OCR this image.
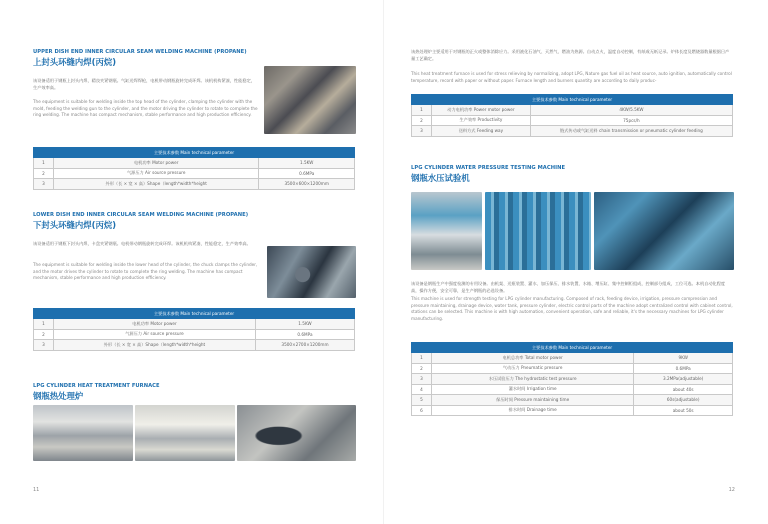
UPPER DISH END INNER CIRCULAR SEAM WELDING MACHINE (PROPANE)
上封头环缝内焊(丙烷)
该设备适用于钢瓶上封头内焊，精良夹紧钢瓶。气缸送焊焊枪，电机带动钢瓶旋转完成环焊。该机机构紧凑，性能稳定，生产效率高。
The equipment is suitable for welding inside the top head of the cylinder, clamping the cylinder with the mold, feeding the welding gun to the cylinder, and the motor driving the cylinder to rotate to complete the ring welding. The machine has compact mechanism, stable performance and high production efficiency.
主要技术参数 Main technical parameter		
1	电机功率 Motor power	1.5KW
2	气源压力 Air source pressure	0.6MPa
3	外形（长 × 宽 × 高）Shape（length*width*height	3500×600×1200mm
LOWER DISH END INNER CIRCULAR SEAM WELDING MACHINE (PROPANE)
下封头环缝内焊(丙烷)
该设备适用于钢瓶下封头内焊，卡盘夹紧钢瓶。电机带动钢瓶旋转完成环焊。该机机构紧凑，性能稳定，生产效率高。
The equipment is suitable for welding inside the lower head of the cylinder, the chuck clamps the cylinder, and the motor drives the cylinder to rotate to complete the ring welding. The machine has compact mechanism, stable performance and high production efficiency.
主要技术参数 Main technical parameter		
1	电机功率 Motor power	1.5KW
2	气源压力 Air source pressure	0.6MPa
3	外形（长 × 宽 × 高）Shape（length*width*height	3500×2700×1200mm
LPG CYLINDER HEAT TREATMENT FURNACE
钢瓶热处理炉
11
该热处理炉主要适用于对钢瓶的正火或整体消除应力。采用液化石油气、天然气、燃油为热源。自动点火，温度自动控制，有纸或无纸记录。炉体长度及燃烧器数量根据日产量工艺确定。
This heat treatment furnace is used for stress relieving by normalizing, adopt LPG, Nature gas fuel oil as heat source, auto ignition, automatically control temperature, record with paper or without paper. Furnace length and burners quantity are according to daily produc-
主要技术参数 Main technical parameter		
1	动力电机功率 Power motor power	4KW/5.5KW
2	生产效率 Productivity	75pcs/h
3	送料方式 Feeding way	链式传动或气缸送料 chain transmission or pneumatic cylinder feeding
LPG CYLINDER WATER PRESSURE TESTING MACHINE
钢瓶水压试验机
该设备是钢瓶生产中强度检测的专用设备。由机架、送瓶装置、灌水、加压保压、排水装置、水箱、增压缸、集中控制柜组成，控制部分组成，工位可选。本机自动化程度高，操作方便，安全可靠，是生产钢瓶的必选设备。
This machine is used for strength testing for LPG cylinder manufacturing. Composed of rack, feeding device, irrigation, pressure compression and pressure maintaining, drainage device, water tank, pressure cylinder, electric control parts of the machine adopt centralized control with cabinet control, stations can be selected. This machine is with high automation, convenient operation, safe and reliable, it's the necessary machines for LPG cylinder manufacturing.
主要技术参数 Main technical parameter		
1	电机总功率 Total motor power	9KW
2	气动压力 Pneumatic pressure	0.6MPa
3	水压试验压力 The hydrostatic test pressure	3.2MPa(adjustable)
4	灌水时间 Irrigation time	about 40s
5	保压时间 Pressure maintaining time	60s(adjustable)
6	排水时间 Drainage time	about 50s
12
